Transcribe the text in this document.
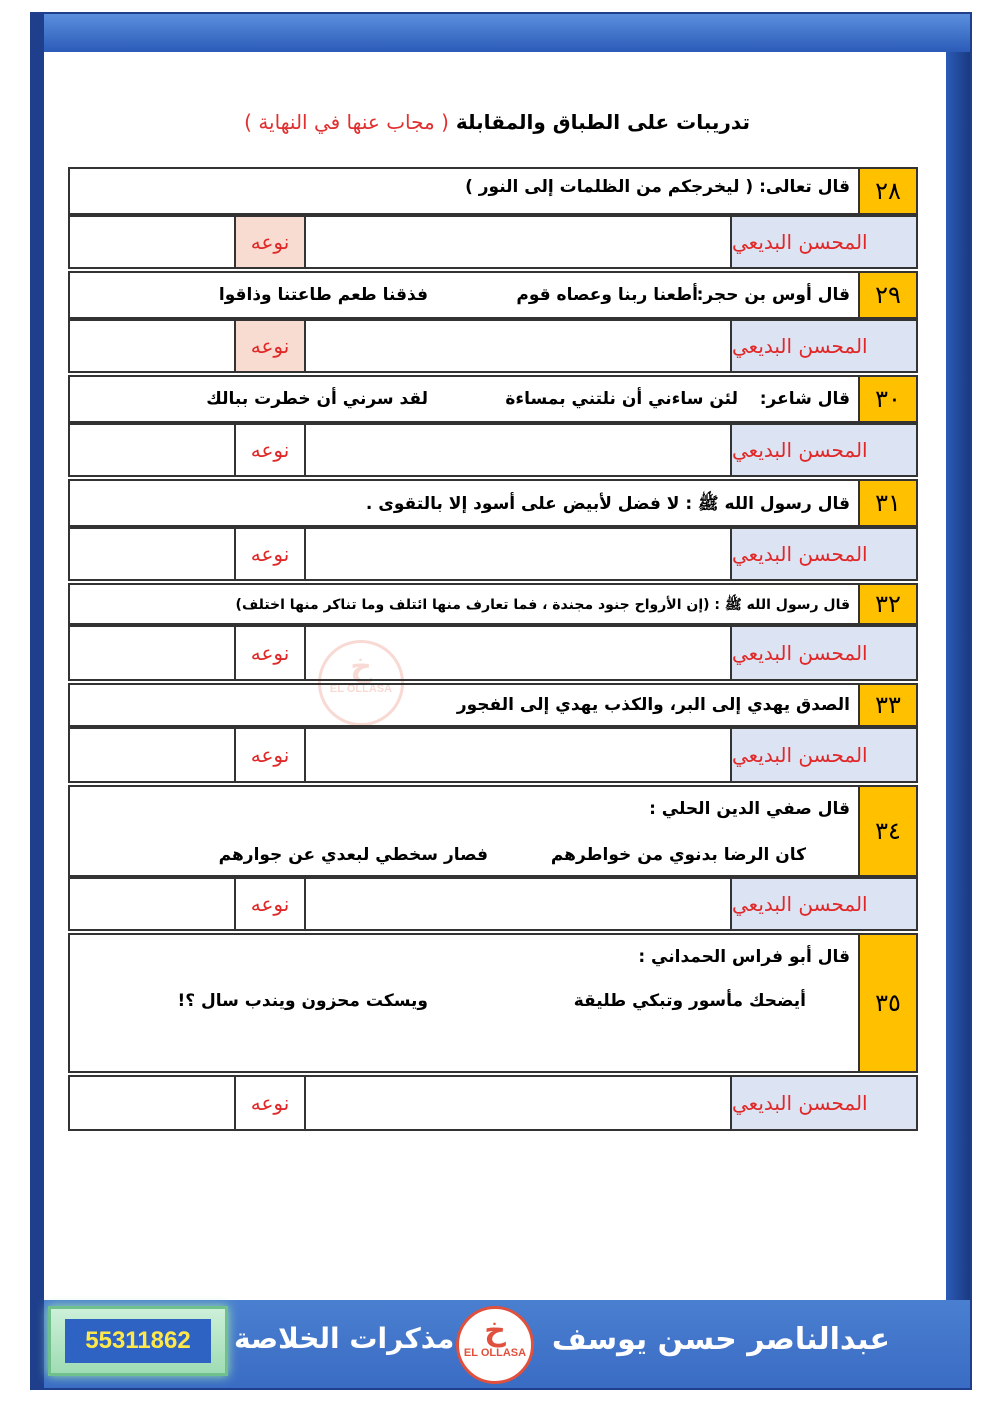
تدريبات على الطباق والمقابلة ( مجاب عنها في النهاية )
خ
EL OLLASA
٢٨
قال تعالى: ( ليخرجكم من الظلمات إلى النور )
المحسن البديعي
نوعه
٢٩
قال أوس بن حجر:
أطعنا ربنا وعصاه قوم
فذقنا طعم طاعتنا وذاقوا
المحسن البديعي
نوعه
٣٠
قال شاعر:
لئن ساءني أن نلتني بمساءة
لقد سرني أن خطرت ببالك
المحسن البديعي
نوعه
٣١
قال رسول الله ﷺ : لا فضل لأبيض على أسود إلا بالتقوى .
المحسن البديعي
نوعه
٣٢
قال رسول الله ﷺ : (إن الأرواح جنود مجندة ، فما تعارف منها ائتلف وما تناكر منها اختلف)
المحسن البديعي
نوعه
٣٣
الصدق يهدي إلى البر، والكذب يهدي إلى الفجور
المحسن البديعي
نوعه
٣٤
قال صفي الدين الحلي :
كان الرضا بدنوي من خواطرهم
فصار سخطي لبعدي عن جوارهم
المحسن البديعي
نوعه
٣٥
قال أبو فراس الحمداني :
أيضحك مأسور وتبكي طليقة
ويسكت محزون ويندب سال ؟!
المحسن البديعي
نوعه
عبدالناصر حسن يوسف
مذكرات الخلاصة خ
EL OLLASA
55311862
